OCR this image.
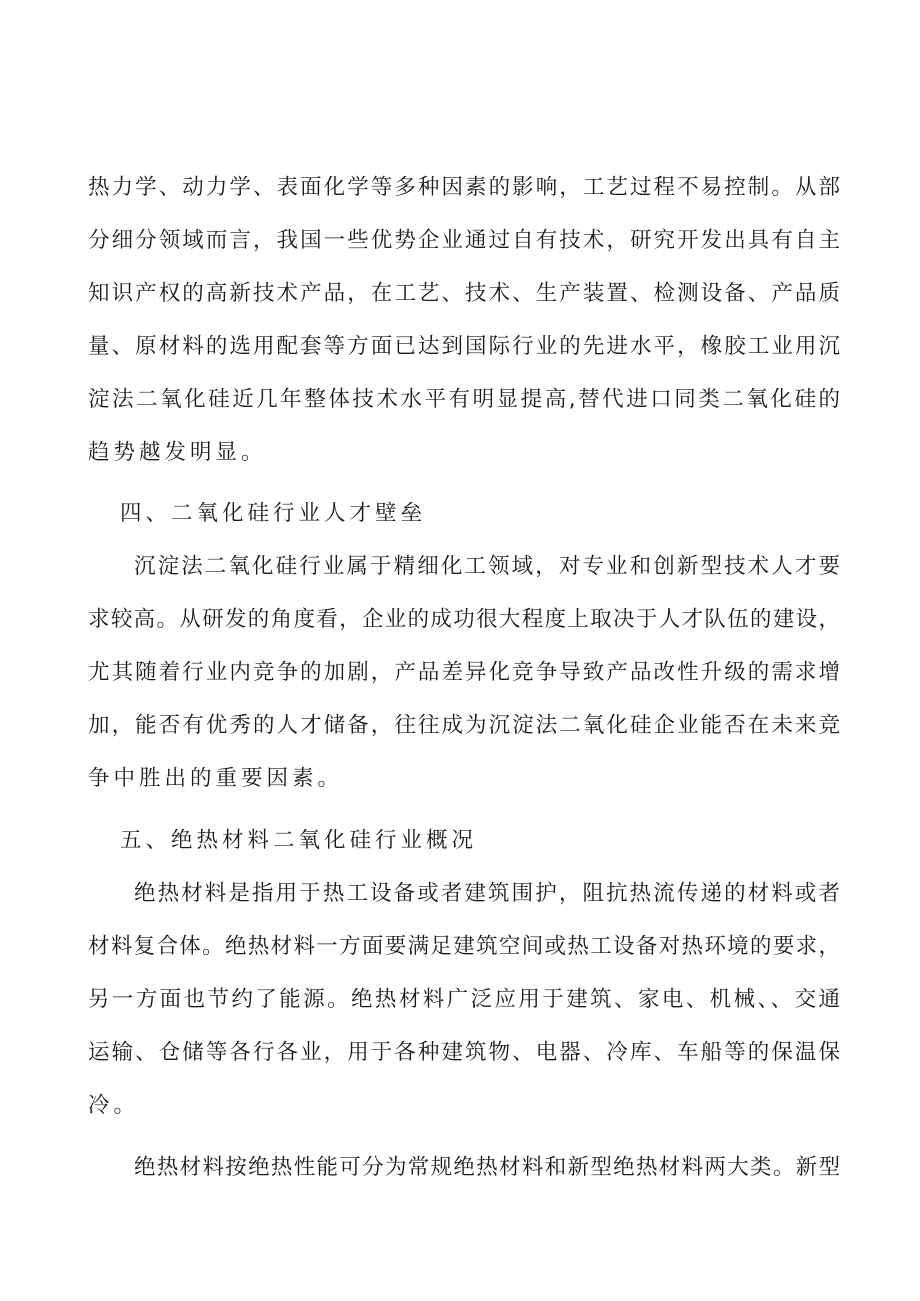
热力学、动力学、表面化学等多种因素的影响，工艺过程不易控制。从部
分细分领域而言，我国一些优势企业通过自有技术，研究开发出具有自主
知识产权的高新技术产品，在工艺、技术、生产装置、检测设备、产品质
量、原材料的选用配套等方面已达到国际行业的先进水平，橡胶工业用沉
淀法二氧化硅近几年整体技术水平有明显提高,替代进口同类二氧化硅的
趋势越发明显。
四、二氧化硅行业人才壁垒
沉淀法二氧化硅行业属于精细化工领域，对专业和创新型技术人才要
求较高。从研发的角度看，企业的成功很大程度上取决于人才队伍的建设，
尤其随着行业内竞争的加剧，产品差异化竞争导致产品改性升级的需求增
加，能否有优秀的人才储备，往往成为沉淀法二氧化硅企业能否在未来竞
争中胜出的重要因素。
五、绝热材料二氧化硅行业概况
绝热材料是指用于热工设备或者建筑围护，阻抗热流传递的材料或者
材料复合体。绝热材料一方面要满足建筑空间或热工设备对热环境的要求，
另一方面也节约了能源。绝热材料广泛应用于建筑、家电、机械、、交通
运输、仓储等各行各业，用于各种建筑物、电器、冷库、车船等的保温保
冷。
绝热材料按绝热性能可分为常规绝热材料和新型绝热材料两大类。新型
